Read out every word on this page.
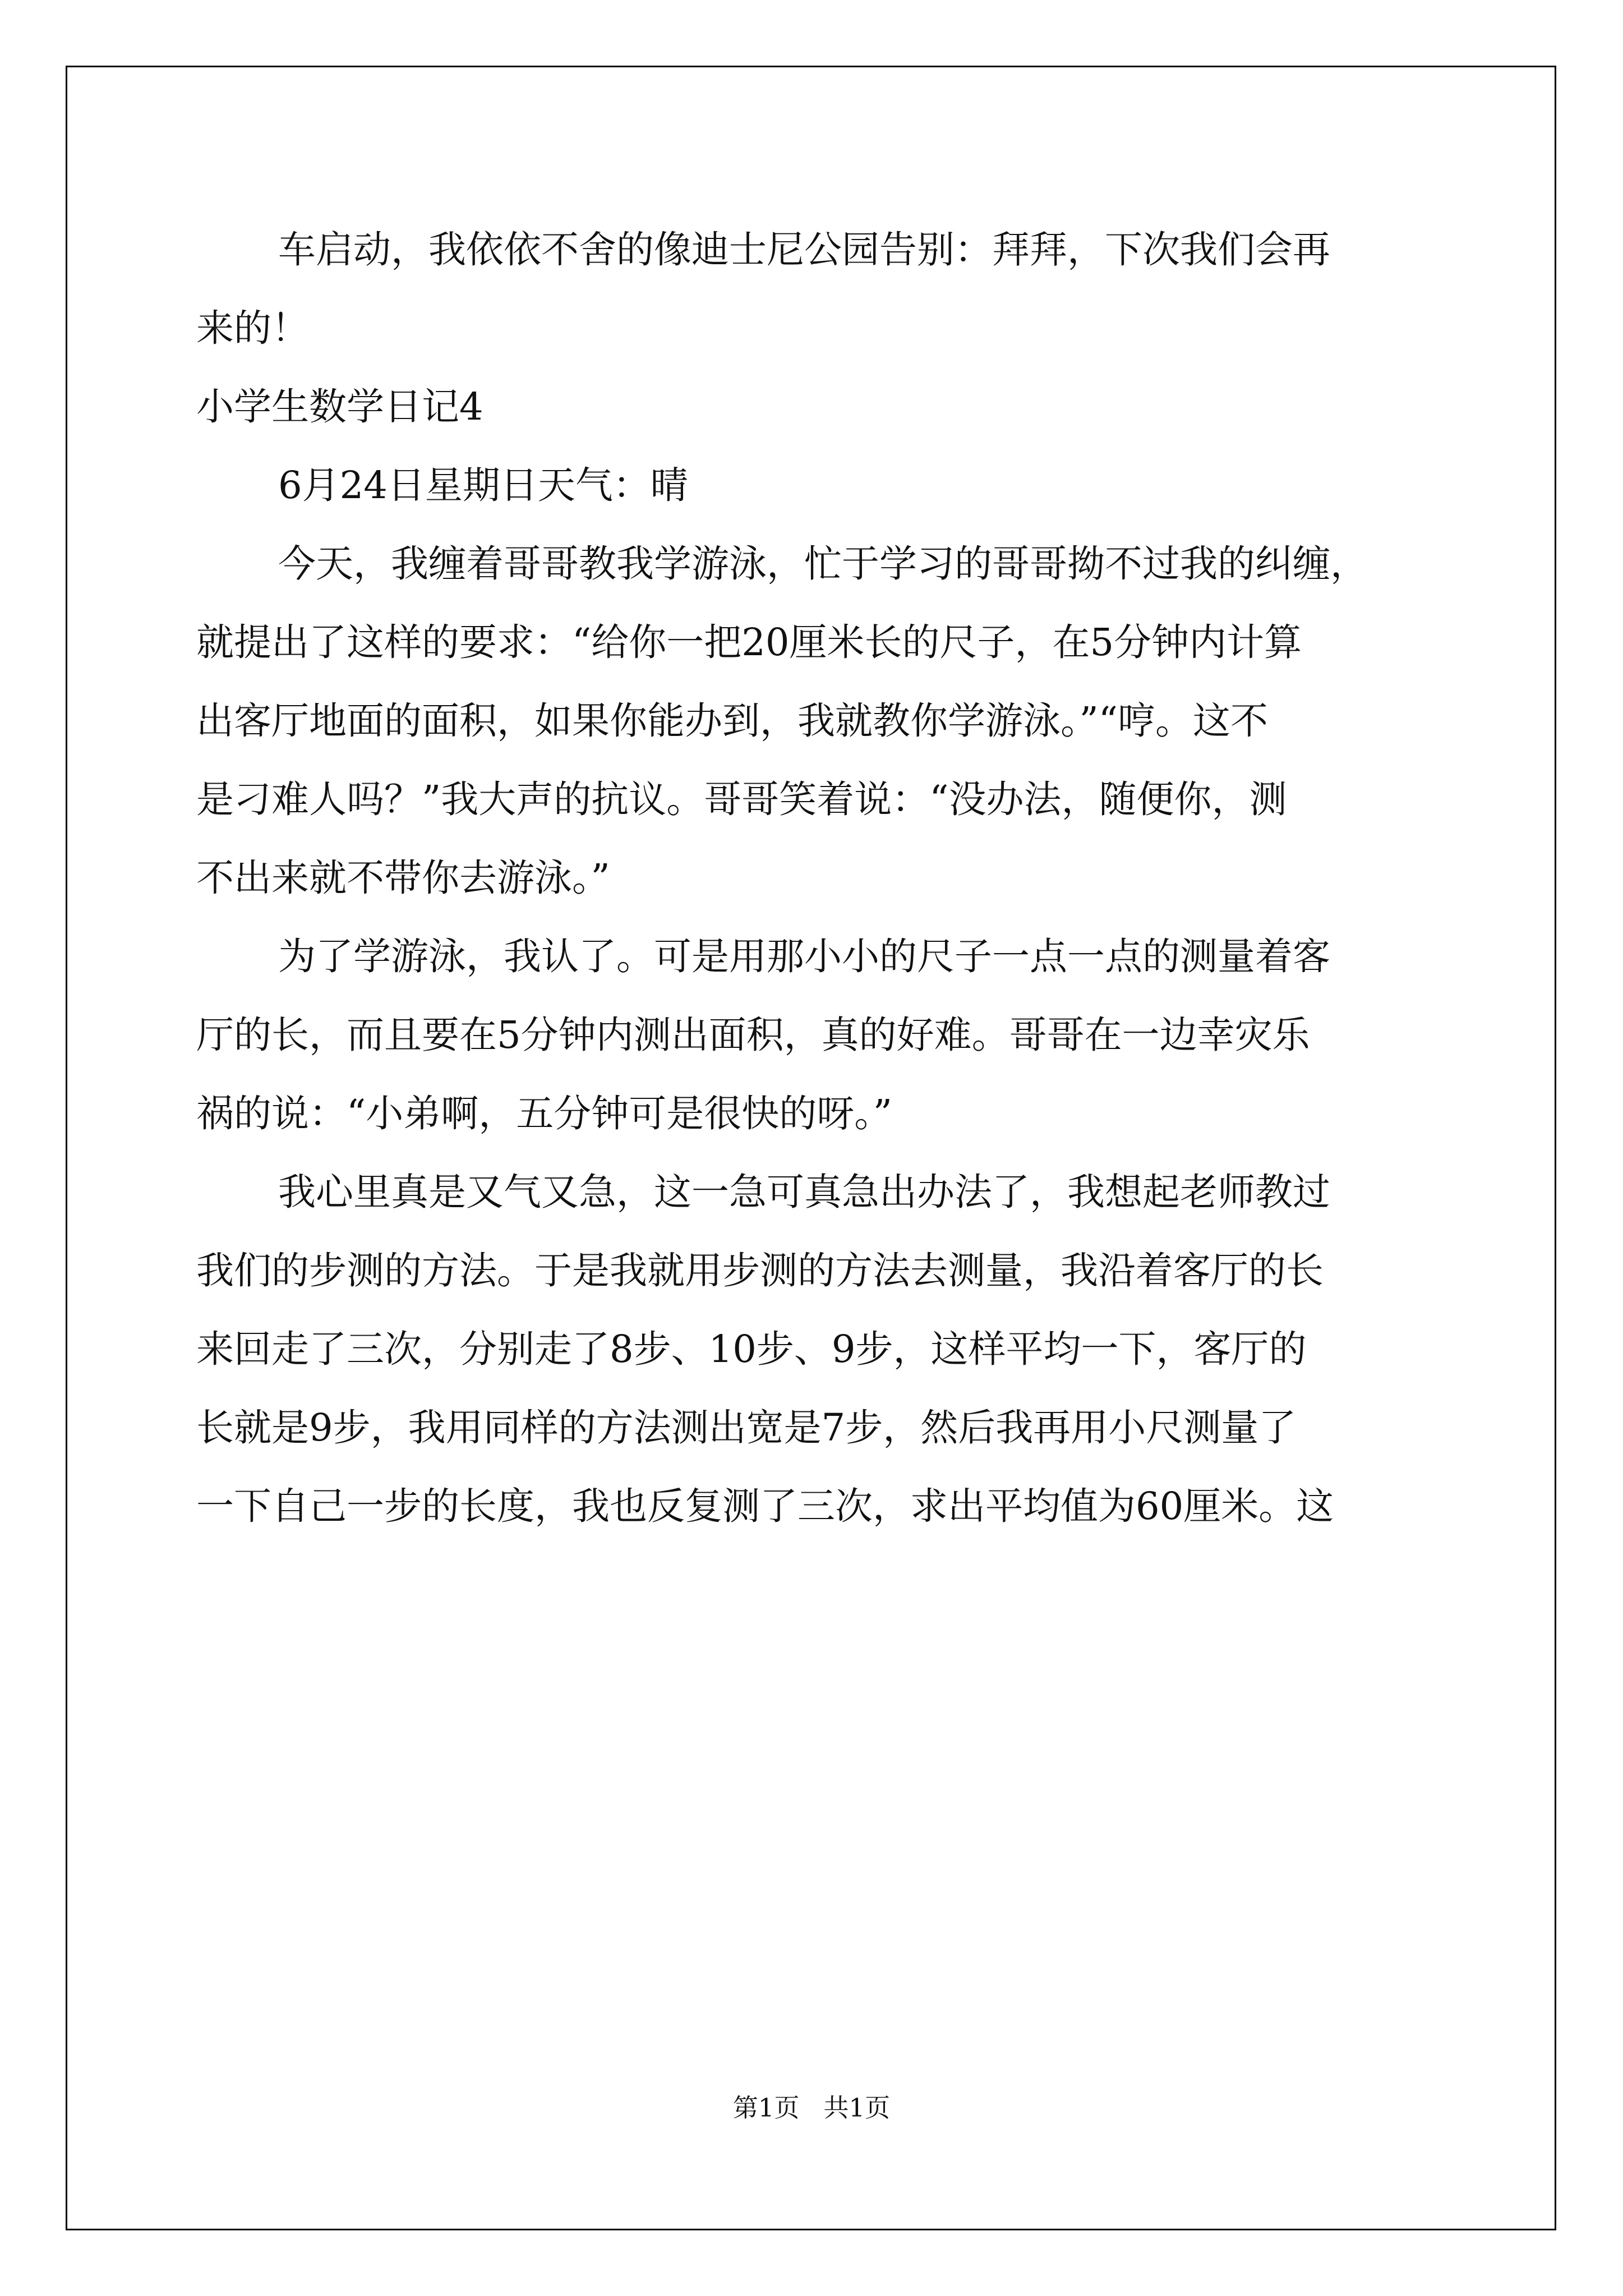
车启动，我依依不舍的像迪士尼公园告别：拜拜，下次我们会再
来的！
小学生数学日记4
6月24日星期日天气：晴
今天，我缠着哥哥教我学游泳，忙于学习的哥哥拗不过我的纠缠，
就提出了这样的要求：“给你一把20厘米长的尺子，在5分钟内计算
出客厅地面的面积，如果你能办到，我就教你学游泳。”“哼。这不
是刁难人吗？”我大声的抗议。哥哥笑着说：“没办法，随便你，测
不出来就不带你去游泳。”
为了学游泳，我认了。可是用那小小的尺子一点一点的测量着客
厅的长，而且要在5分钟内测出面积，真的好难。哥哥在一边幸灾乐
祸的说：“小弟啊，五分钟可是很快的呀。”
我心里真是又气又急，这一急可真急出办法了，我想起老师教过
我们的步测的方法。于是我就用步测的方法去测量，我沿着客厅的长
来回走了三次，分别走了8步、10步、9步，这样平均一下，客厅的
长就是9步，我用同样的方法测出宽是7步，然后我再用小尺测量了
一下自己一步的长度，我也反复测了三次，求出平均值为60厘米。这
第1页   共1页
